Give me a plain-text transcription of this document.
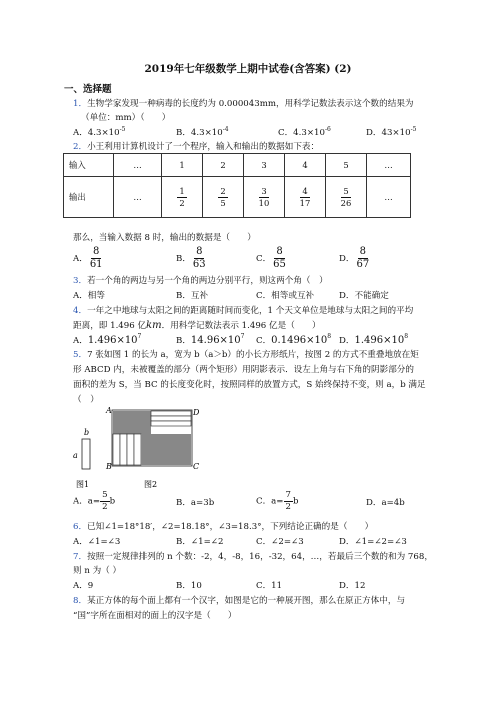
2019年七年级数学上期中试卷(含答案) (2)
一、选择题
1．生物学家发现一种病毒的长度约为 0.000043mm，用科学记数法表示这个数的结果为
（单位：mm）（　　）
A．$4.3\times 10^{-5}$	B．$4.3\times 10^{-4}$	C．$4.3\times 10^{-6}$	D．$43\times 10^{-5}$
2．小王利用计算机设计了一个程序，输入和输出的数据如下表：
输入	…	1	2	3	4	5	…
输出	…	$\frac{1}{2}$	$\frac{2}{5}$	$\frac{3}{10}$	$\frac{4}{17}$	$\frac{5}{26}$	…
那么，当输入数据 8 时，输出的数据是（　　）
A． $\frac{8}{61}$	B． $\frac{8}{63}$	C． $\frac{8}{65}$	D． $\frac{8}{67}$
3．若一个角的两边与另一个角的两边分别平行，则这两个角（　）
A．相等	B．互补	C．相等或互补	D．不能确定
4．一年之中地球与太阳之间的距离随时间而变化，1 个天文单位是地球与太阳之间的平均
距离，即 1.496 亿km．用科学记数法表示 1.496 亿是（　　）
A．$1.496\times 10^7$	B．$14.96\times 10^7$ C．$0.1496\times 10^8$ D．$1.496\times 10^8$
5．7 张如图 1 的长为 a，宽为 b（a＞b）的小长方形纸片，按图 2 的方式不重叠地放在矩
形 ABCD 内，未被覆盖的部分（两个矩形）用阴影表示．设左上角与右下角的阴影部分的
面积的差为 S，当 BC 的长度变化时，按照同样的放置方式，S 始终保持不变，则 a，b 满足
（　）
b
a
图1
A	D
B	C
图2
A．$a= \frac{5}{2}$ b	B．a=3b	C．$a= \frac{7}{2}$ b	D．a=4b
6．已知∠1=18°18′，∠2=18.18°，∠3=18.3°，下列结论正确的是（　　）
A．∠1=∠3	B．∠1=∠2	C．∠2=∠3	D．∠1=∠2=∠3
7．按照一定规律排列的 n 个数：-2，4，-8，16，-32，64，…，若最后三个数的和为 768，
则 n 为（ ）
A．9	B．10	C．11	D．12
8．某正方体的每个面上都有一个汉字，如图是它的一种展开图，那么在原正方体中，与
“国”字所在面相对的面上的汉字是（　　）
